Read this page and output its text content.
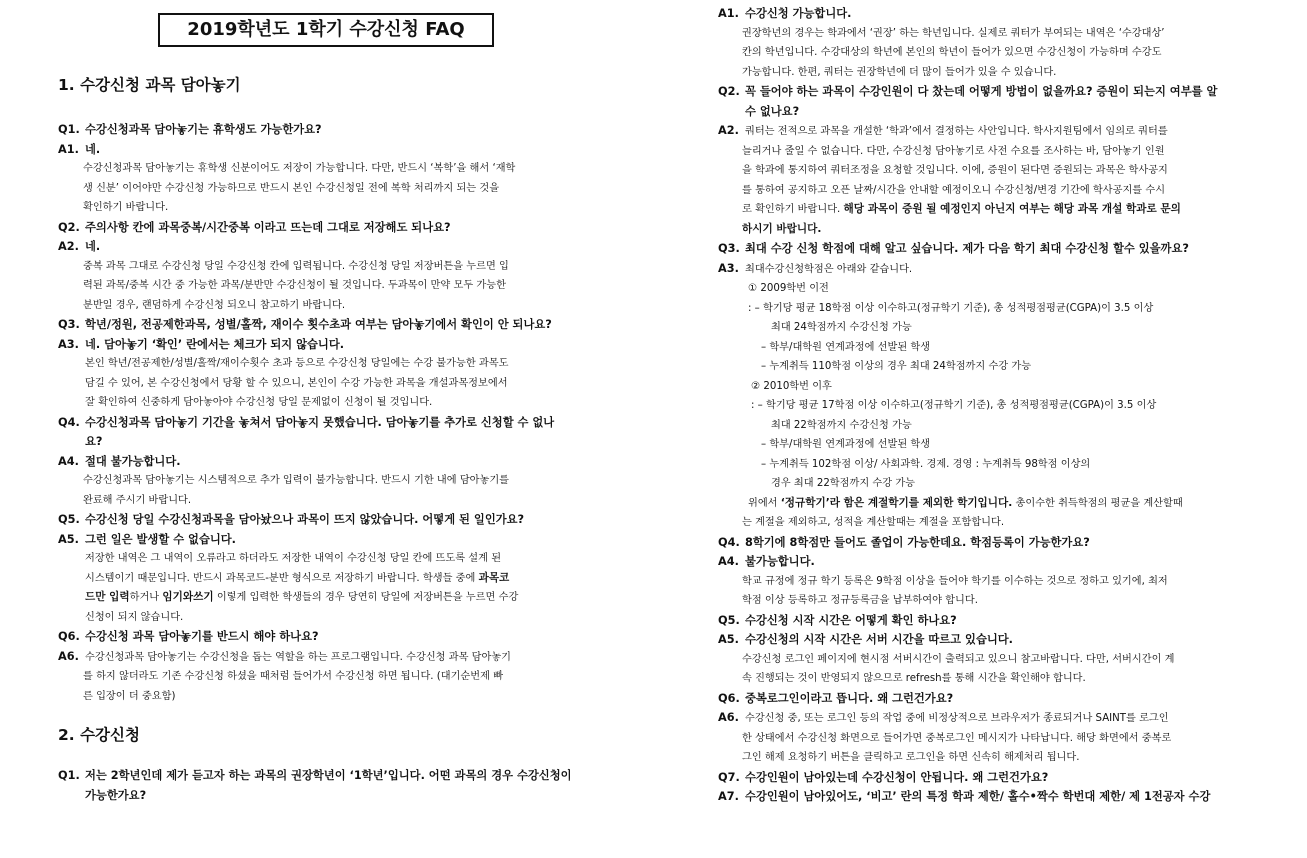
2019학년도 1학기 수강신청 FAQ
1. 수강신청 과목 담아놓기
Q1. 수강신청과목 담아놓기는 휴학생도 가능한가요?
A1. 네.
수강신청과목 담아놓기는 휴학생 신분이어도 저장이 가능합니다. 다만, 반드시 ‘복학’을 해서 ‘재학
생 신분’ 이어야만 수강신청 가능하므로 반드시 본인 수강신청일 전에 복학 처리까지 되는 것을
확인하기 바랍니다.
Q2. 주의사항 칸에 과목중복/시간중복 이라고 뜨는데 그대로 저장해도 되나요?
A2. 네.
중복 과목 그대로 수강신청 당일 수강신청 칸에 입력됩니다. 수강신청 당일 저장버튼을 누르면 입
력된 과목/중복 시간 중 가능한 과목/분반만 수강신청이 될 것입니다. 두과목이 만약 모두 가능한
분반일 경우, 랜덤하게 수강신청 되오니 참고하기 바랍니다.
Q3. 학년/정원, 전공제한과목, 성별/홀짝, 재이수 횟수초과 여부는 담아놓기에서 확인이 안 되나요?
A3. 네. 담아놓기 ‘확인’ 란에서는 체크가 되지 않습니다.
본인 학년/전공제한/성별/홀짝/재이수횟수 초과 등으로 수강신청 당일에는 수강 불가능한 과목도
담길 수 있어, 본 수강신청에서 당황 할 수 있으니, 본인이 수강 가능한 과목을 개설과목정보에서
잘 확인하여 신중하게 담아놓아야 수강신청 당일 문제없이 신청이 될 것입니다.
Q4. 수강신청과목 담아놓기 기간을 놓쳐서 담아놓지 못했습니다. 담아놓기를 추가로 신청할 수 없나
요?
A4. 절대 불가능합니다.
수강신청과목 담아놓기는 시스템적으로 추가 입력이 불가능합니다. 반드시 기한 내에 담아놓기를
완료해 주시기 바랍니다.
Q5. 수강신청 당일 수강신청과목을 담아놨으나 과목이 뜨지 않았습니다. 어떻게 된 일인가요?
A5. 그런 일은 발생할 수 없습니다.
저장한 내역은 그 내역이 오류라고 하더라도 저장한 내역이 수강신청 당일 칸에 뜨도록 설계 된
시스템이기 때문입니다. 반드시 과목코드-분반 형식으로 저장하기 바랍니다. 학생들 중에 과목코
드만 입력하거나 임기와쓰기 이렇게 입력한 학생들의 경우 당연히 당일에 저장버튼을 누르면 수강
신청이 되지 않습니다.
Q6. 수강신청 과목 담아놓기를 반드시 해야 하나요?
A6. 수강신청과목 담아놓기는 수강신청을 돕는 역할을 하는 프로그램입니다. 수강신청 과목 담아놓기
를 하지 않더라도 기존 수강신청 하셨을 때처럼 들어가서 수강신청 하면 됩니다. (대기순번제 빠
른 입장이 더 중요함)
2. 수강신청
Q1. 저는 2학년인데 제가 듣고자 하는 과목의 권장학년이 ‘1학년’입니다. 어떤 과목의 경우 수강신청이
가능한가요?
A1. 수강신청 가능합니다.
권장학년의 경우는 학과에서 ‘권장’ 하는 학년입니다. 실제로 쿼터가 부여되는 내역은 ‘수강대상’
칸의 학년입니다. 수강대상의 학년에 본인의 학년이 들어가 있으면 수강신청이 가능하며 수강도
가능합니다. 한편, 쿼터는 권장학년에 더 많이 들어가 있을 수 있습니다.
Q2. 꼭 들어야 하는 과목이 수강인원이 다 찼는데 어떻게 방법이 없을까요? 증원이 되는지 여부를 알
수 없나요?
A2. 쿼터는 전적으로 과목을 개설한 ‘학과’에서 결정하는 사안입니다. 학사지원팀에서 임의로 쿼터를
늘리거나 줄일 수 없습니다. 다만, 수강신청 담아놓기로 사전 수요를 조사하는 바, 담아놓기 인원
을 학과에 통지하여 쿼터조정을 요청할 것입니다. 이에, 증원이 된다면 증원되는 과목은 학사공지
를 통하여 공지하고 오픈 날짜/시간을 안내할 예정이오니 수강신청/변경 기간에 학사공지를 수시
로 확인하기 바랍니다. 해당 과목이 증원 될 예정인지 아닌지 여부는 해당 과목 개설 학과로 문의
하시기 바랍니다.
Q3. 최대 수강 신청 학점에 대해 알고 싶습니다. 제가 다음 학기 최대 수강신청 할수 있을까요?
A3. 최대수강신청학점은 아래와 같습니다.
① 2009학번 이전
: – 학기당 평균 18학점 이상 이수하고(정규학기 기준), 총 성적평점평균(CGPA)이 3.5 이상
최대 24학점까지 수강신청 가능
– 학부/대학원 연계과정에 선발된 학생
– 누계취득 110학점 이상의 경우 최대 24학점까지 수강 가능
② 2010학번 이후
: – 학기당 평균 17학점 이상 이수하고(정규학기 기준), 총 성적평점평균(CGPA)이 3.5 이상
최대 22학점까지 수강신청 가능
– 학부/대학원 연계과정에 선발된 학생
– 누계취득 102학점 이상/ 사회과학. 경제. 경영 : 누계취득 98학점 이상의
경우 최대 22학점까지 수강 가능
위에서 ‘정규학기’라 함은 계절학기를 제외한 학기입니다. 총이수한 취득학점의 평균을 계산할때
는 계절을 제외하고, 성적을 계산할때는 계절을 포함합니다.
Q4. 8학기에 8학점만 들어도 졸업이 가능한데요. 학점등록이 가능한가요?
A4. 불가능합니다.
학교 규정에 정규 학기 등록은 9학점 이상을 들어야 학기를 이수하는 것으로 정하고 있기에, 최저
학점 이상 등록하고 정규등록금을 납부하여야 합니다.
Q5. 수강신청 시작 시간은 어떻게 확인 하나요?
A5. 수강신청의 시작 시간은 서버 시간을 따르고 있습니다.
수강신청 로그인 페이지에 현시점 서버시간이 출력되고 있으니 참고바랍니다. 다만, 서버시간이 계
속 진행되는 것이 반영되지 않으므로 refresh를 통해 시간을 확인해야 합니다.
Q6. 중복로그인이라고 뜹니다. 왜 그런건가요?
A6. 수강신청 중, 또는 로그인 등의 작업 중에 비정상적으로 브라우저가 종료되거나 SAINT를 로그인
한 상태에서 수강신청 화면으로 들어가면 중복로그인 메시지가 나타납니다. 해당 화면에서 중복로
그인 해제 요청하기 버튼을 클릭하고 로그인을 하면 신속히 해제처리 됩니다.
Q7. 수강인원이 남아있는데 수강신청이 안됩니다. 왜 그런건가요?
A7. 수강인원이 남아있어도, ‘비고’ 란의 특정 학과 제한/ 홀수•짝수 학번대 제한/ 제 1전공자 수강
